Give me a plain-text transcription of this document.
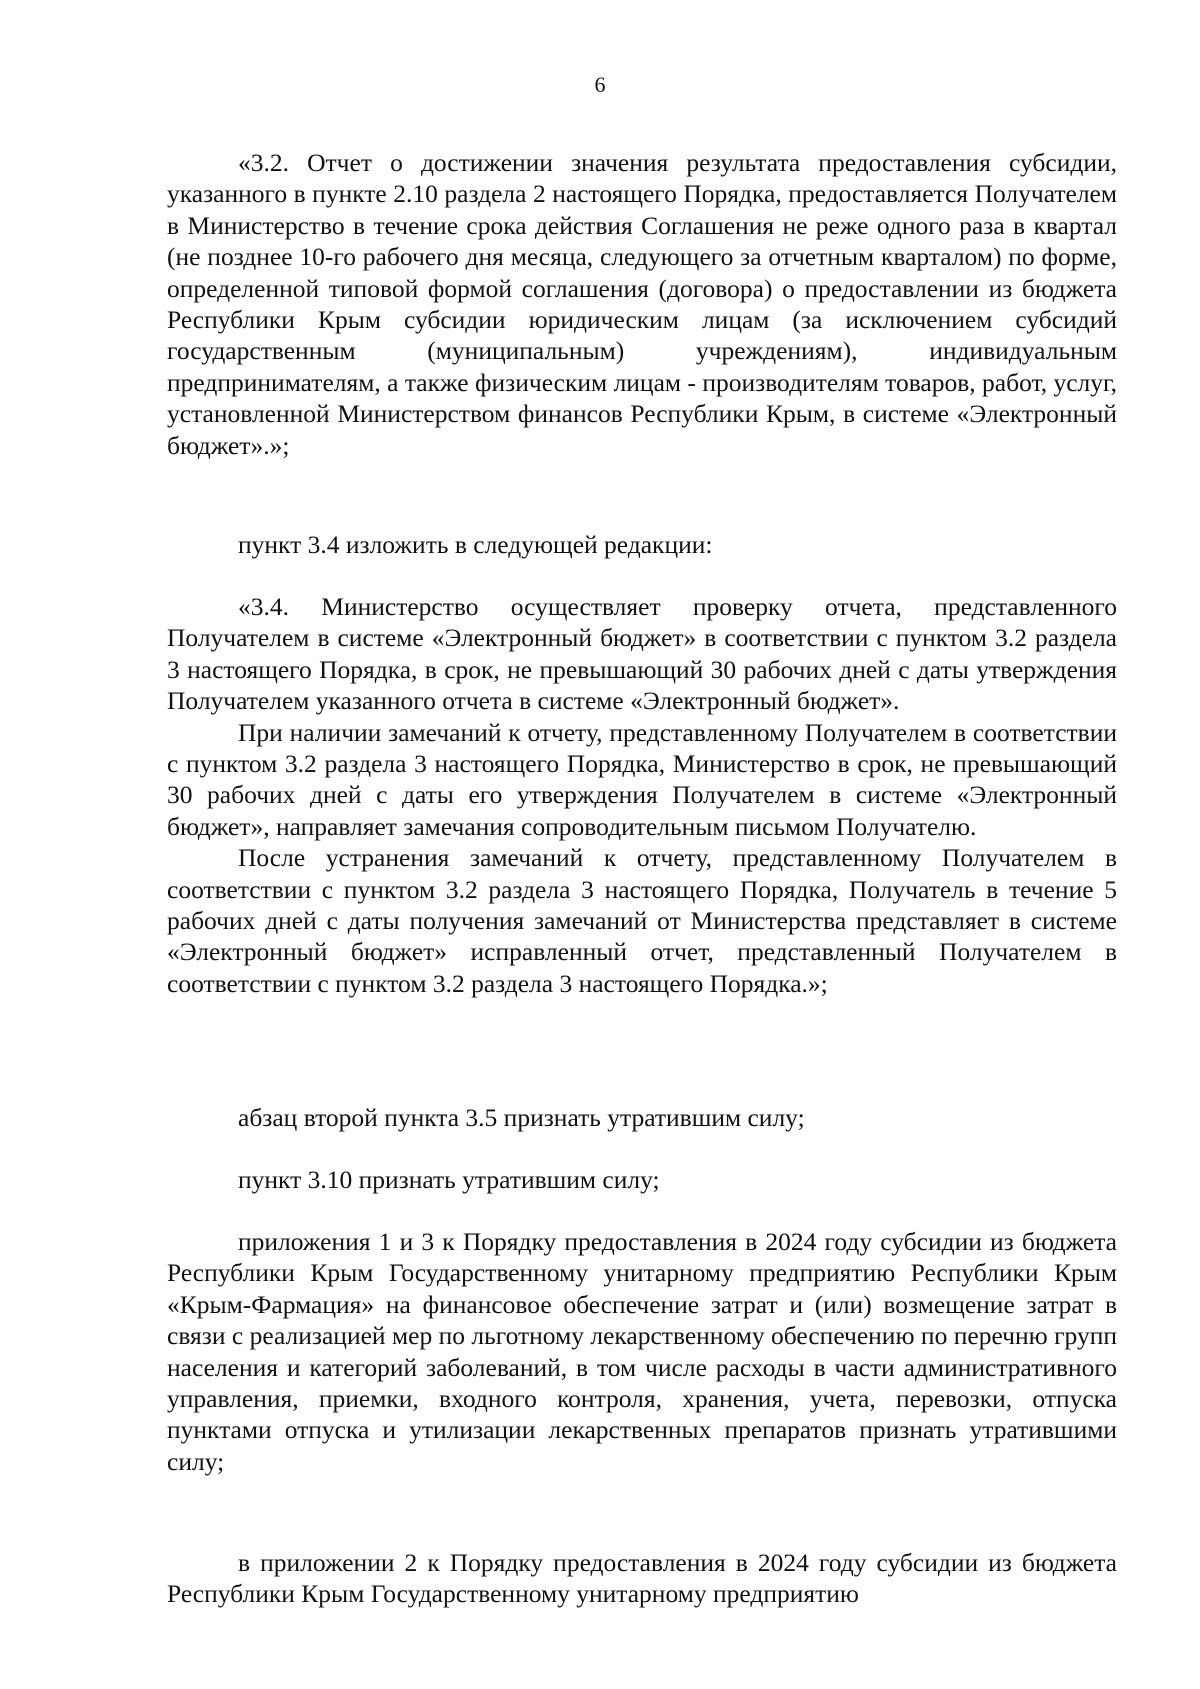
6

«3.2. Отчет о достижении значения результата предоставления субсидии, указанного в пункте 2.10 раздела 2 настоящего Порядка, предоставляется Получателем в Министерство в течение срока действия Соглашения не реже одного раза в квартал (не позднее 10-го рабочего дня месяца, следующего за отчетным кварталом) по форме, определенной типовой формой соглашения (договора) о предоставлении из бюджета Республики Крым субсидии юридическим лицам (за исключением субсидий государственным (муниципальным) учреждениям), индивидуальным предпринимателям, а также физическим лицам - производителям товаров, работ, услуг, установленной Министерством финансов Республики Крым, в системе «Электронный бюджет».»;

пункт 3.4 изложить в следующей редакции:

«3.4. Министерство осуществляет проверку отчета, представленного Получателем в системе «Электронный бюджет» в соответствии с пунктом 3.2 раздела 3 настоящего Порядка, в срок, не превышающий 30 рабочих дней с даты утверждения Получателем указанного отчета в системе «Электронный бюджет».

При наличии замечаний к отчету, представленному Получателем в соответствии с пунктом 3.2 раздела 3 настоящего Порядка, Министерство в срок, не превышающий 30 рабочих дней с даты его утверждения Получателем в системе «Электронный бюджет», направляет замечания сопроводительным письмом Получателю.

После устранения замечаний к отчету, представленному Получателем в соответствии с пунктом 3.2 раздела 3 настоящего Порядка, Получатель в течение 5 рабочих дней с даты получения замечаний от Министерства представляет в системе «Электронный бюджет» исправленный отчет, представленный Получателем в соответствии с пунктом 3.2 раздела 3 настоящего Порядка.»;

абзац второй пункта 3.5 признать утратившим силу;

пункт 3.10 признать утратившим силу;

приложения 1 и 3 к Порядку предоставления в 2024 году субсидии из бюджета Республики Крым Государственному унитарному предприятию Республики Крым «Крым-Фармация» на финансовое обеспечение затрат и (или) возмещение затрат в связи с реализацией мер по льготному лекарственному обеспечению по перечню групп населения и категорий заболеваний, в том числе расходы в части административного управления, приемки, входного контроля, хранения, учета, перевозки, отпуска пунктами отпуска и утилизации лекарственных препаратов признать утратившими силу;

в приложении 2 к Порядку предоставления в 2024 году субсидии из бюджета Республики Крым Государственному унитарному предприятию
